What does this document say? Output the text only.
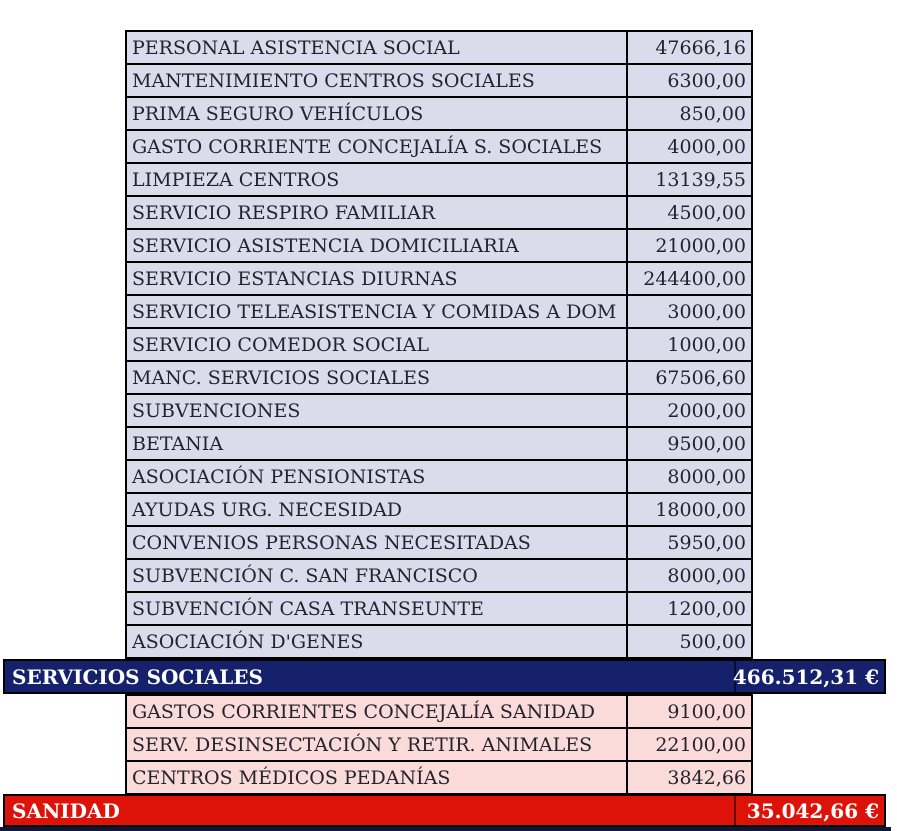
PERSONAL ASISTENCIA SOCIAL	47666,16
MANTENIMIENTO CENTROS SOCIALES	6300,00
PRIMA SEGURO VEHÍCULOS	850,00
GASTO CORRIENTE CONCEJALÍA S. SOCIALES	4000,00
LIMPIEZA CENTROS	13139,55
SERVICIO RESPIRO FAMILIAR	4500,00
SERVICIO ASISTENCIA DOMICILIARIA	21000,00
SERVICIO ESTANCIAS DIURNAS	244400,00
SERVICIO TELEASISTENCIA Y COMIDAS A DOM	3000,00
SERVICIO COMEDOR SOCIAL	1000,00
MANC. SERVICIOS SOCIALES	67506,60
SUBVENCIONES	2000,00
BETANIA	9500,00
ASOCIACIÓN PENSIONISTAS	8000,00
AYUDAS URG. NECESIDAD	18000,00
CONVENIOS PERSONAS NECESITADAS	5950,00
SUBVENCIÓN C. SAN FRANCISCO	8000,00
SUBVENCIÓN CASA TRANSEUNTE	1200,00
ASOCIACIÓN D'GENES	500,00
SERVICIOS SOCIALES	466.512,31 €
GASTOS CORRIENTES CONCEJALÍA SANIDAD	9100,00
SERV. DESINSECTACIÓN Y RETIR. ANIMALES	22100,00
CENTROS MÉDICOS PEDANÍAS	3842,66
SANIDAD	35.042,66 €
